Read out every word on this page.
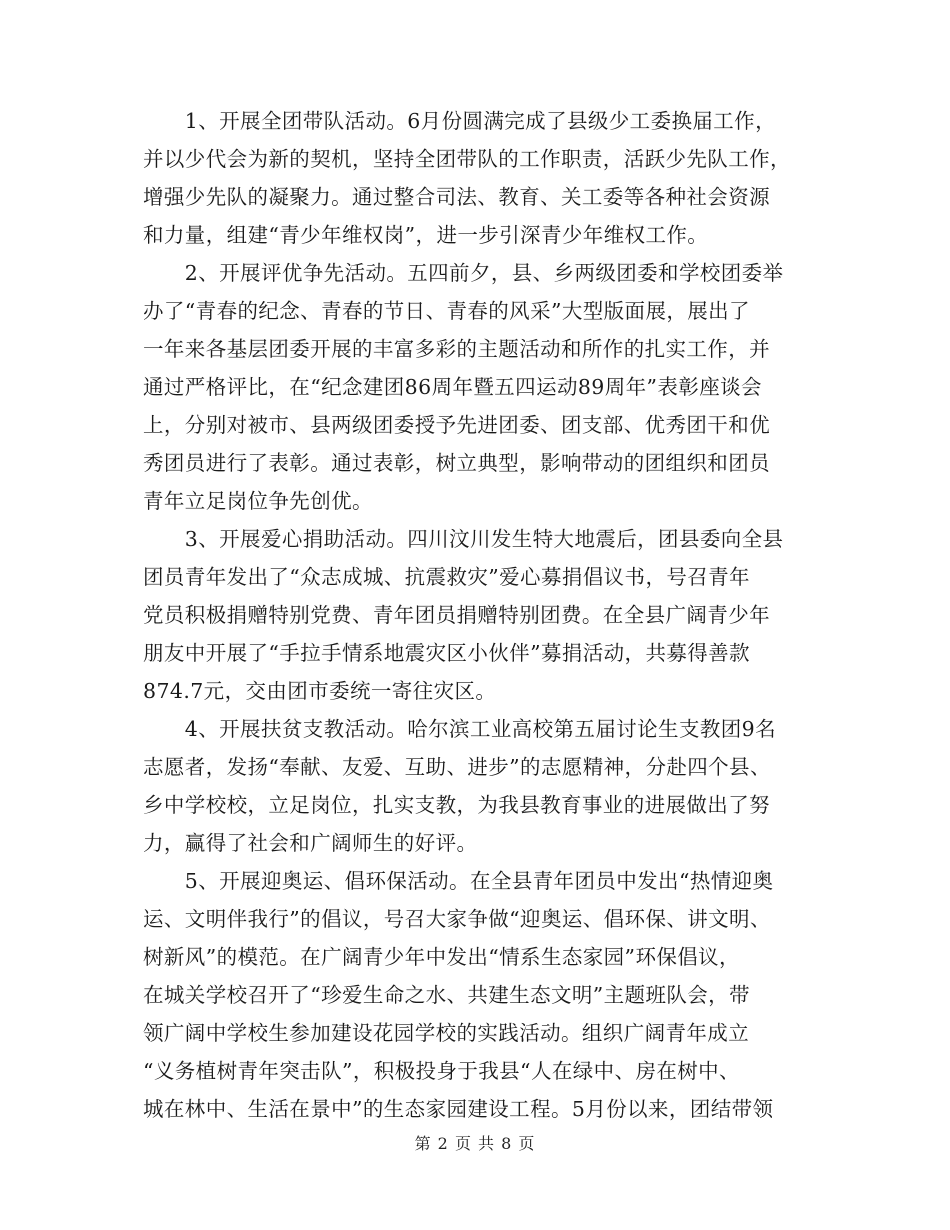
　　1、开展全团带队活动。6月份圆满完成了县级少工委换届工作，
并以少代会为新的契机，坚持全团带队的工作职责，活跃少先队工作，
增强少先队的凝聚力。通过整合司法、教育、关工委等各种社会资源
和力量，组建“青少年维权岗”，进一步引深青少年维权工作。
　　2、开展评优争先活动。五四前夕，县、乡两级团委和学校团委举
办了“青春的纪念、青春的节日、青春的风采”大型版面展，展出了
一年来各基层团委开展的丰富多彩的主题活动和所作的扎实工作，并
通过严格评比，在“纪念建团86周年暨五四运动89周年”表彰座谈会
上，分别对被市、县两级团委授予先进团委、团支部、优秀团干和优
秀团员进行了表彰。通过表彰，树立典型，影响带动的团组织和团员
青年立足岗位争先创优。
　　3、开展爱心捐助活动。四川汶川发生特大地震后，团县委向全县
团员青年发出了“众志成城、抗震救灾”爱心募捐倡议书，号召青年
党员积极捐赠特别党费、青年团员捐赠特别团费。在全县广阔青少年
朋友中开展了“手拉手情系地震灾区小伙伴”募捐活动，共募得善款
874.7元，交由团市委统一寄往灾区。
　　4、开展扶贫支教活动。哈尔滨工业高校第五届讨论生支教团9名
志愿者，发扬“奉献、友爱、互助、进步”的志愿精神，分赴四个县、
乡中学校校，立足岗位，扎实支教，为我县教育事业的进展做出了努
力，赢得了社会和广阔师生的好评。
　　5、开展迎奥运、倡环保活动。在全县青年团员中发出“热情迎奥
运、文明伴我行”的倡议，号召大家争做“迎奥运、倡环保、讲文明、
树新风”的模范。在广阔青少年中发出“情系生态家园”环保倡议，
在城关学校召开了“珍爱生命之水、共建生态文明”主题班队会，带
领广阔中学校生参加建设花园学校的实践活动。组织广阔青年成立
“义务植树青年突击队”，积极投身于我县“人在绿中、房在树中、
城在林中、生活在景中”的生态家园建设工程。5月份以来，团结带领
第 2 页 共 8 页
